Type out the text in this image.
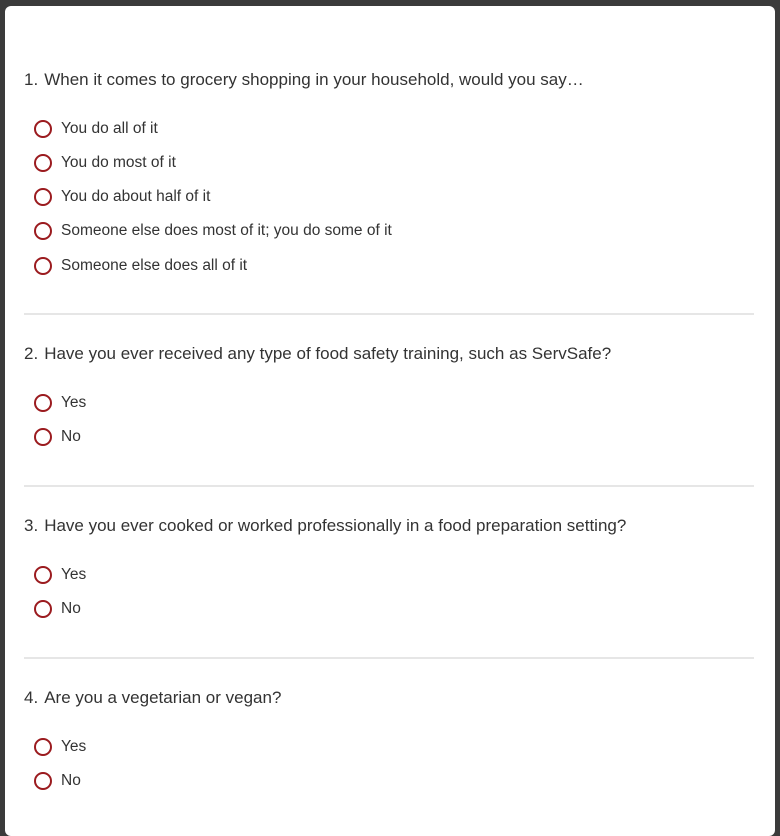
1. When it comes to grocery shopping in your household, would you say…

You do all of it
You do most of it
You do about half of it
Someone else does most of it; you do some of it
Someone else does all of it

2. Have you ever received any type of food safety training, such as ServSafe?

Yes
No

3. Have you ever cooked or worked professionally in a food preparation setting?

Yes
No

4. Are you a vegetarian or vegan?

Yes
No
